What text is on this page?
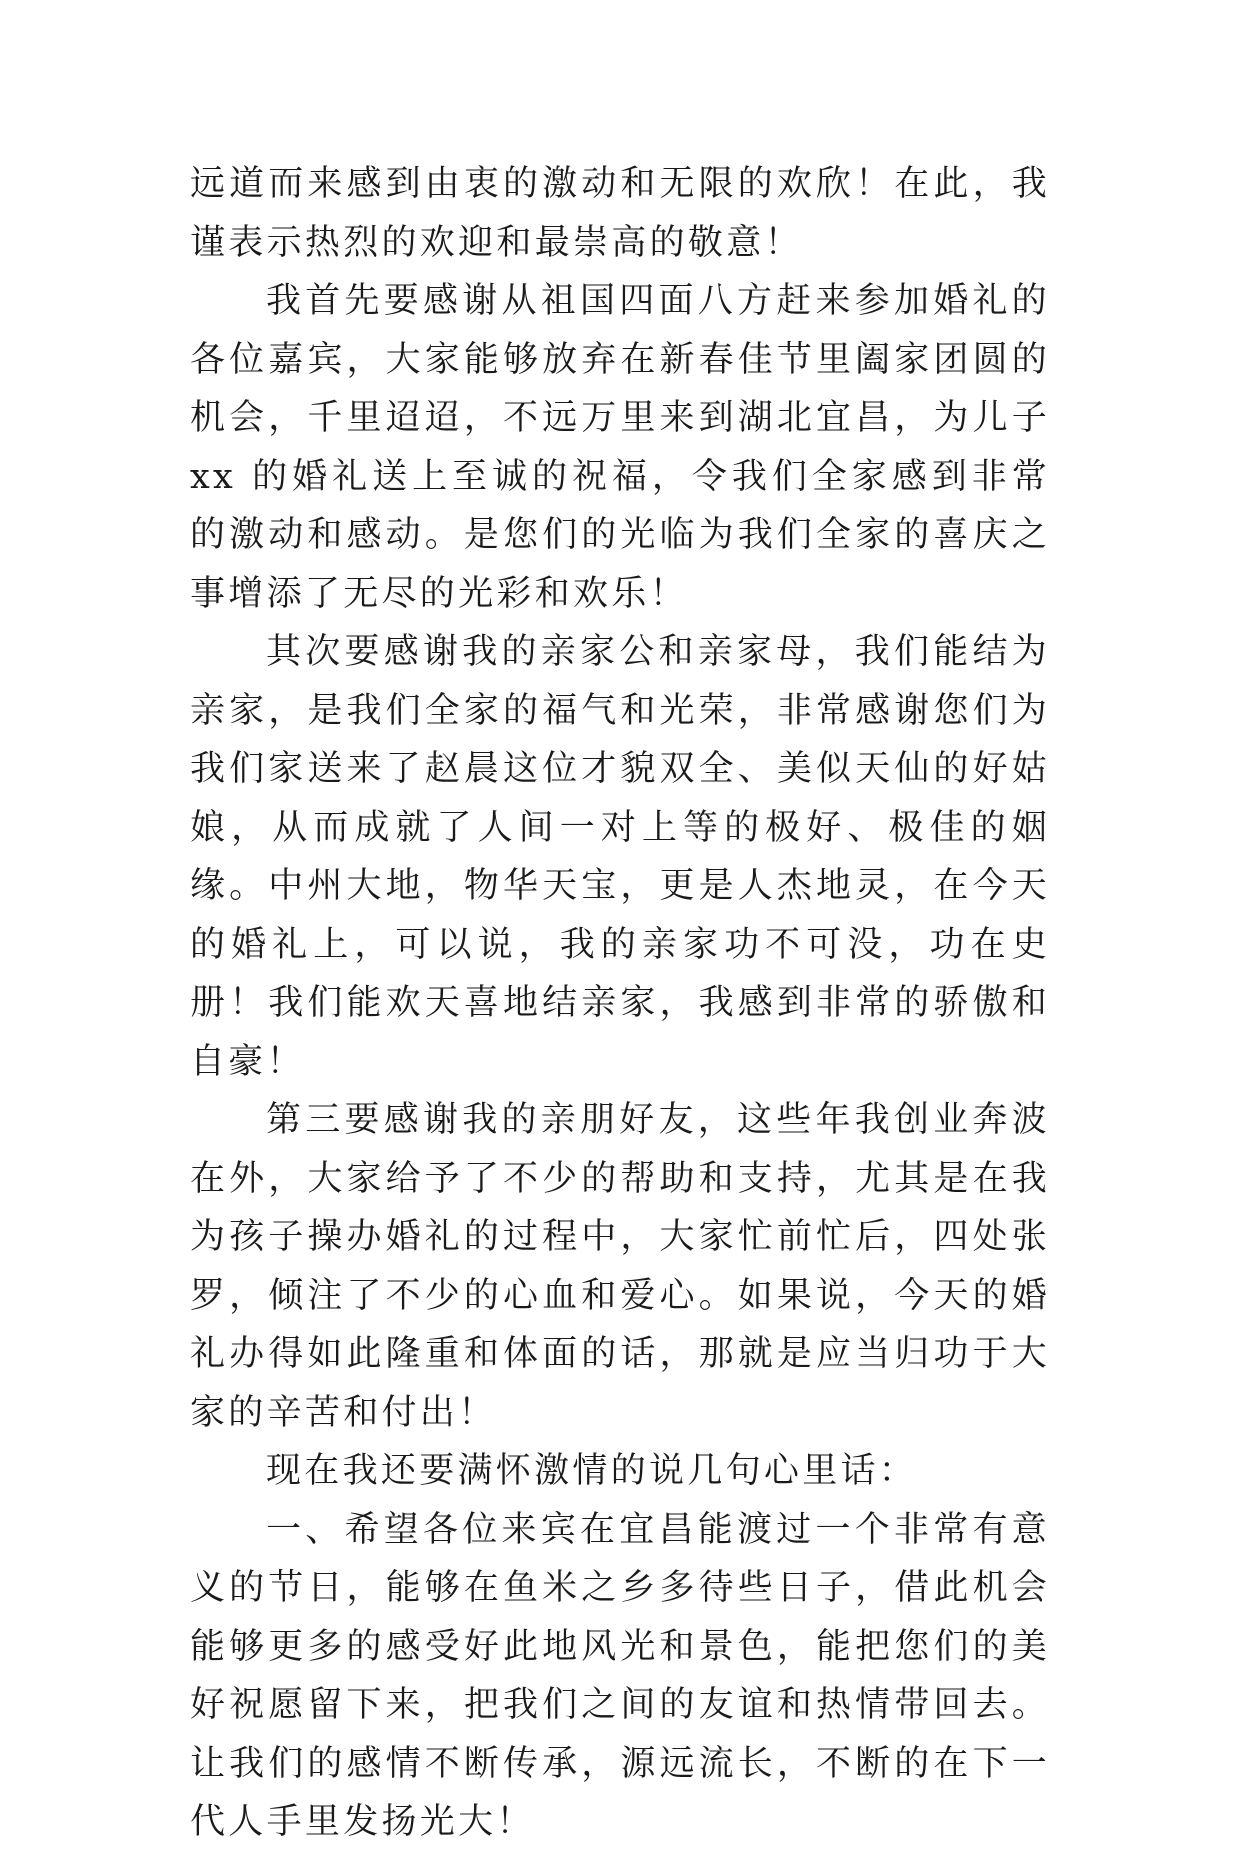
远道而来感到由衷的激动和无限的欢欣！在此，我谨表示热烈的欢迎和最崇高的敬意！

我首先要感谢从祖国四面八方赶来参加婚礼的各位嘉宾，大家能够放弃在新春佳节里阖家团圆的机会，千里迢迢，不远万里来到湖北宜昌，为儿子 xx 的婚礼送上至诚的祝福，令我们全家感到非常的激动和感动。是您们的光临为我们全家的喜庆之事增添了无尽的光彩和欢乐！

其次要感谢我的亲家公和亲家母，我们能结为亲家，是我们全家的福气和光荣，非常感谢您们为我们家送来了赵晨这位才貌双全、美似天仙的好姑娘，从而成就了人间一对上等的极好、极佳的姻缘。中州大地，物华天宝，更是人杰地灵，在今天的婚礼上，可以说，我的亲家功不可没，功在史册！我们能欢天喜地结亲家，我感到非常的骄傲和自豪！

第三要感谢我的亲朋好友，这些年我创业奔波在外，大家给予了不少的帮助和支持，尤其是在我为孩子操办婚礼的过程中，大家忙前忙后，四处张罗，倾注了不少的心血和爱心。如果说，今天的婚礼办得如此隆重和体面的话，那就是应当归功于大家的辛苦和付出！

现在我还要满怀激情的说几句心里话：

一、希望各位来宾在宜昌能渡过一个非常有意义的节日，能够在鱼米之乡多待些日子，借此机会能够更多的感受好此地风光和景色，能把您们的美好祝愿留下来，把我们之间的友谊和热情带回去。让我们的感情不断传承，源远流长，不断的在下一代人手里发扬光大！
